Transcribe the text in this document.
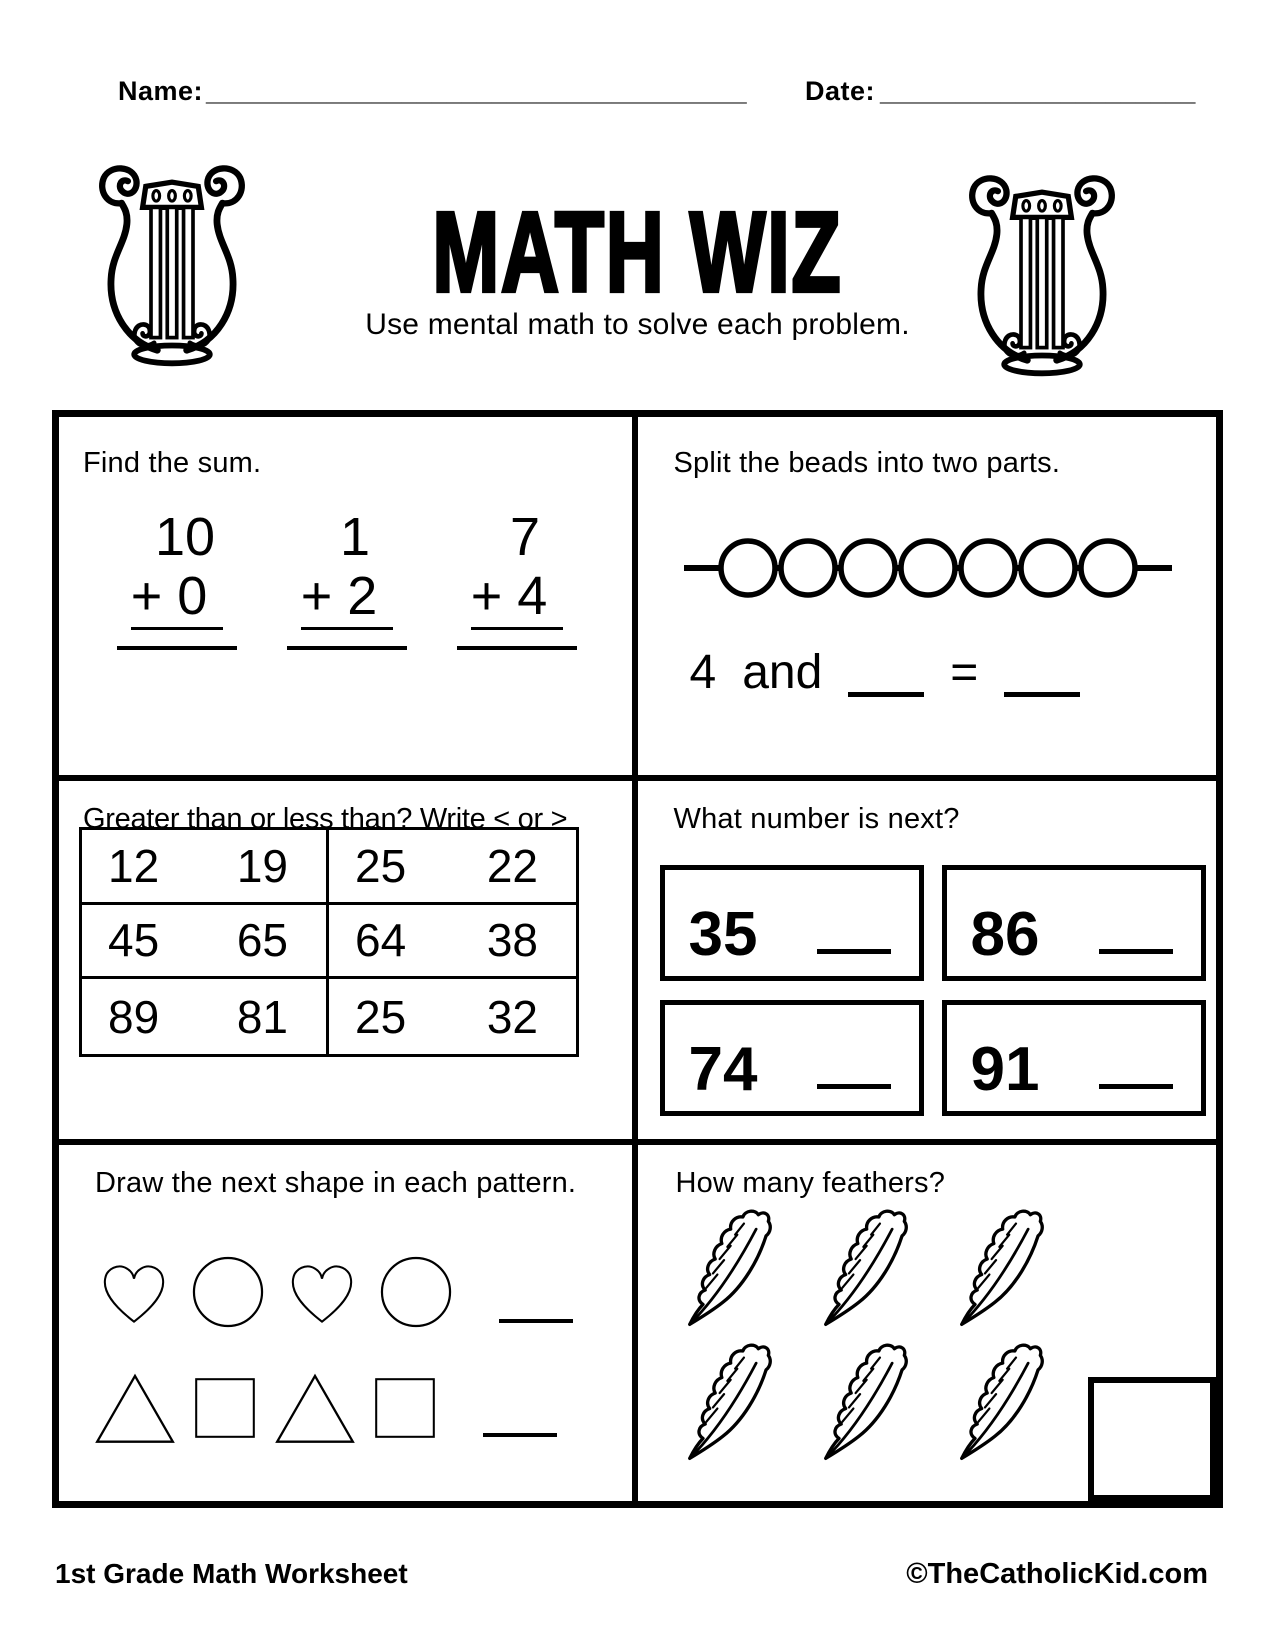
Name: ____________________________________ Date: _____________________
MATH WIZ
Use mental math to solve each problem.
Find the sum.
10
+ 0
1
+ 2
7
+ 4
Split the beads into two parts.
4 and	=
Greater than or less than? Write < or >
12 19 25 22
45 65 64 38
89 81 25 32
What number is next?
35	86
74	91
Draw the next shape in each pattern.	How many feathers?
1st Grade Math Worksheet	©TheCatholicKid.com
